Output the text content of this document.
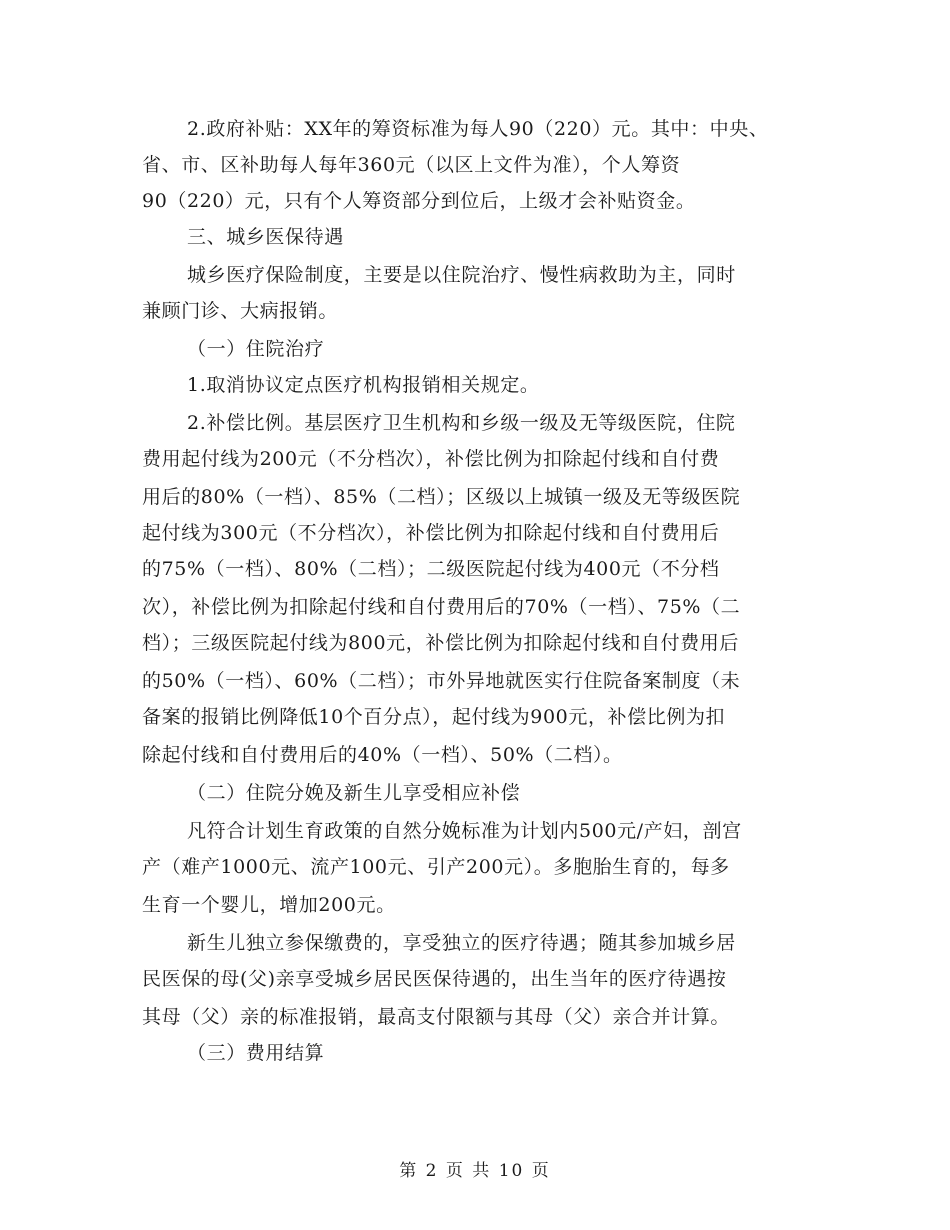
2.政府补贴：XX年的筹资标准为每人90（220）元。其中：中央、
省、市、区补助每人每年360元（以区上文件为准），个人筹资
90（220）元，只有个人筹资部分到位后，上级才会补贴资金。
三、城乡医保待遇
城乡医疗保险制度，主要是以住院治疗、慢性病救助为主，同时
兼顾门诊、大病报销。
（一）住院治疗
1.取消协议定点医疗机构报销相关规定。
2.补偿比例。基层医疗卫生机构和乡级一级及无等级医院，住院
费用起付线为200元（不分档次），补偿比例为扣除起付线和自付费
用后的80%（一档）、85%（二档）；区级以上城镇一级及无等级医院
起付线为300元（不分档次），补偿比例为扣除起付线和自付费用后
的75%（一档）、80%（二档）；二级医院起付线为400元（不分档
次），补偿比例为扣除起付线和自付费用后的70%（一档）、75%（二
档）；三级医院起付线为800元，补偿比例为扣除起付线和自付费用后
的50%（一档）、60%（二档）；市外异地就医实行住院备案制度（未
备案的报销比例降低10个百分点），起付线为900元，补偿比例为扣
除起付线和自付费用后的40%（一档）、50%（二档）。
（二）住院分娩及新生儿享受相应补偿
凡符合计划生育政策的自然分娩标准为计划内500元/产妇，剖宫
产（难产1000元、流产100元、引产200元）。多胞胎生育的，每多
生育一个婴儿，增加200元。
新生儿独立参保缴费的，享受独立的医疗待遇；随其参加城乡居
民医保的母(父)亲享受城乡居民医保待遇的，出生当年的医疗待遇按
其母（父）亲的标准报销，最高支付限额与其母（父）亲合并计算。
（三）费用结算
第 2 页 共 10 页
